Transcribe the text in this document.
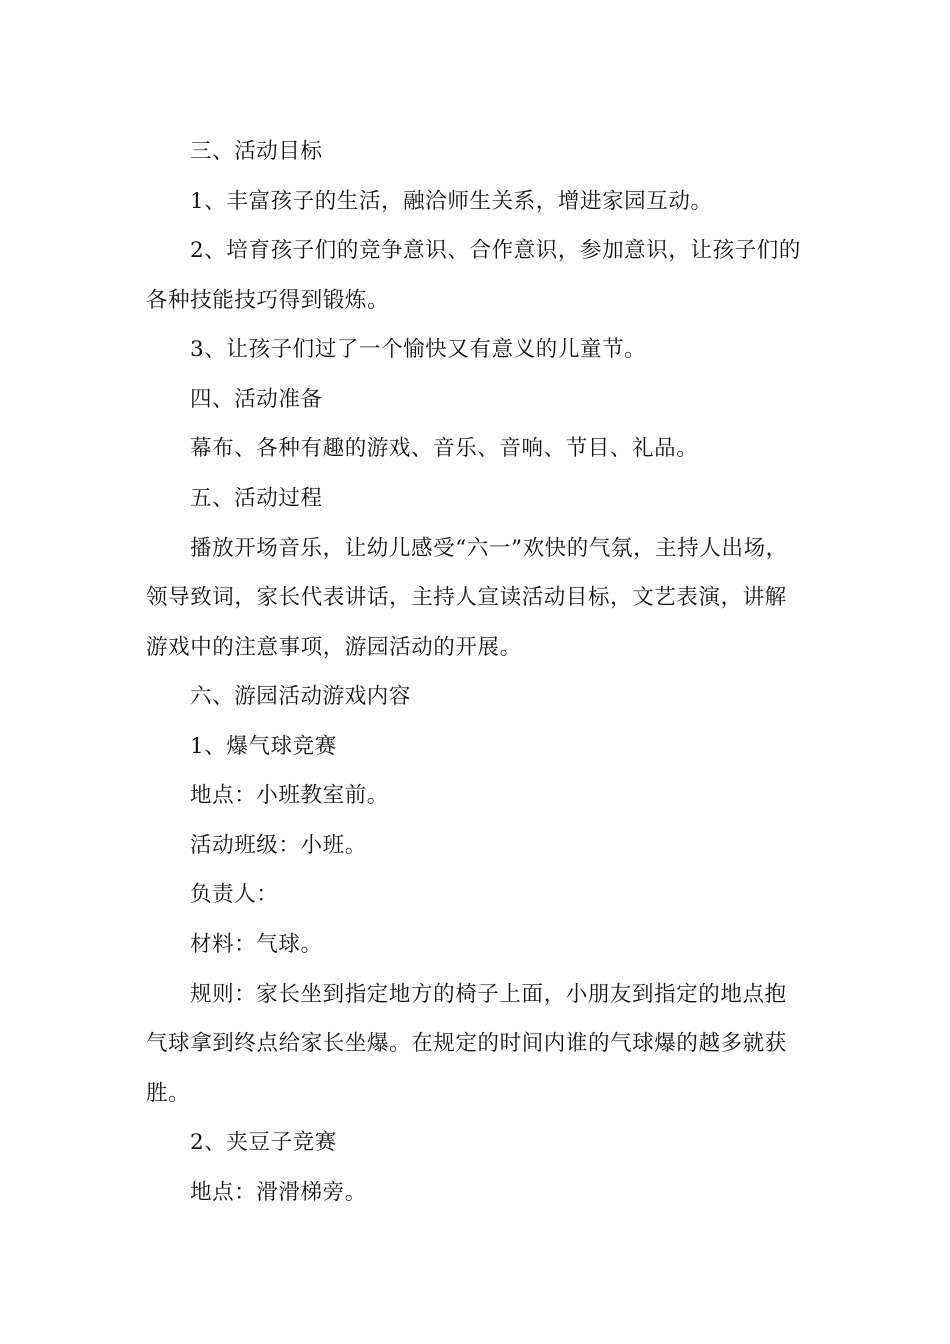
三、活动目标
1、丰富孩子的生活，融洽师生关系，增进家园互动。
2、培育孩子们的竞争意识、合作意识，参加意识，让孩子们的
各种技能技巧得到锻炼。
3、让孩子们过了一个愉快又有意义的儿童节。
四、活动准备
幕布、各种有趣的游戏、音乐、音响、节目、礼品。
五、活动过程
播放开场音乐，让幼儿感受“六一”欢快的气氛，主持人出场，
领导致词，家长代表讲话，主持人宣读活动目标，文艺表演，讲解
游戏中的注意事项，游园活动的开展。
六、游园活动游戏内容
1、爆气球竞赛
地点：小班教室前。
活动班级：小班。
负责人：
材料：气球。
规则：家长坐到指定地方的椅子上面，小朋友到指定的地点抱
气球拿到终点给家长坐爆。在规定的时间内谁的气球爆的越多就获
胜。
2、夹豆子竞赛
地点：滑滑梯旁。
